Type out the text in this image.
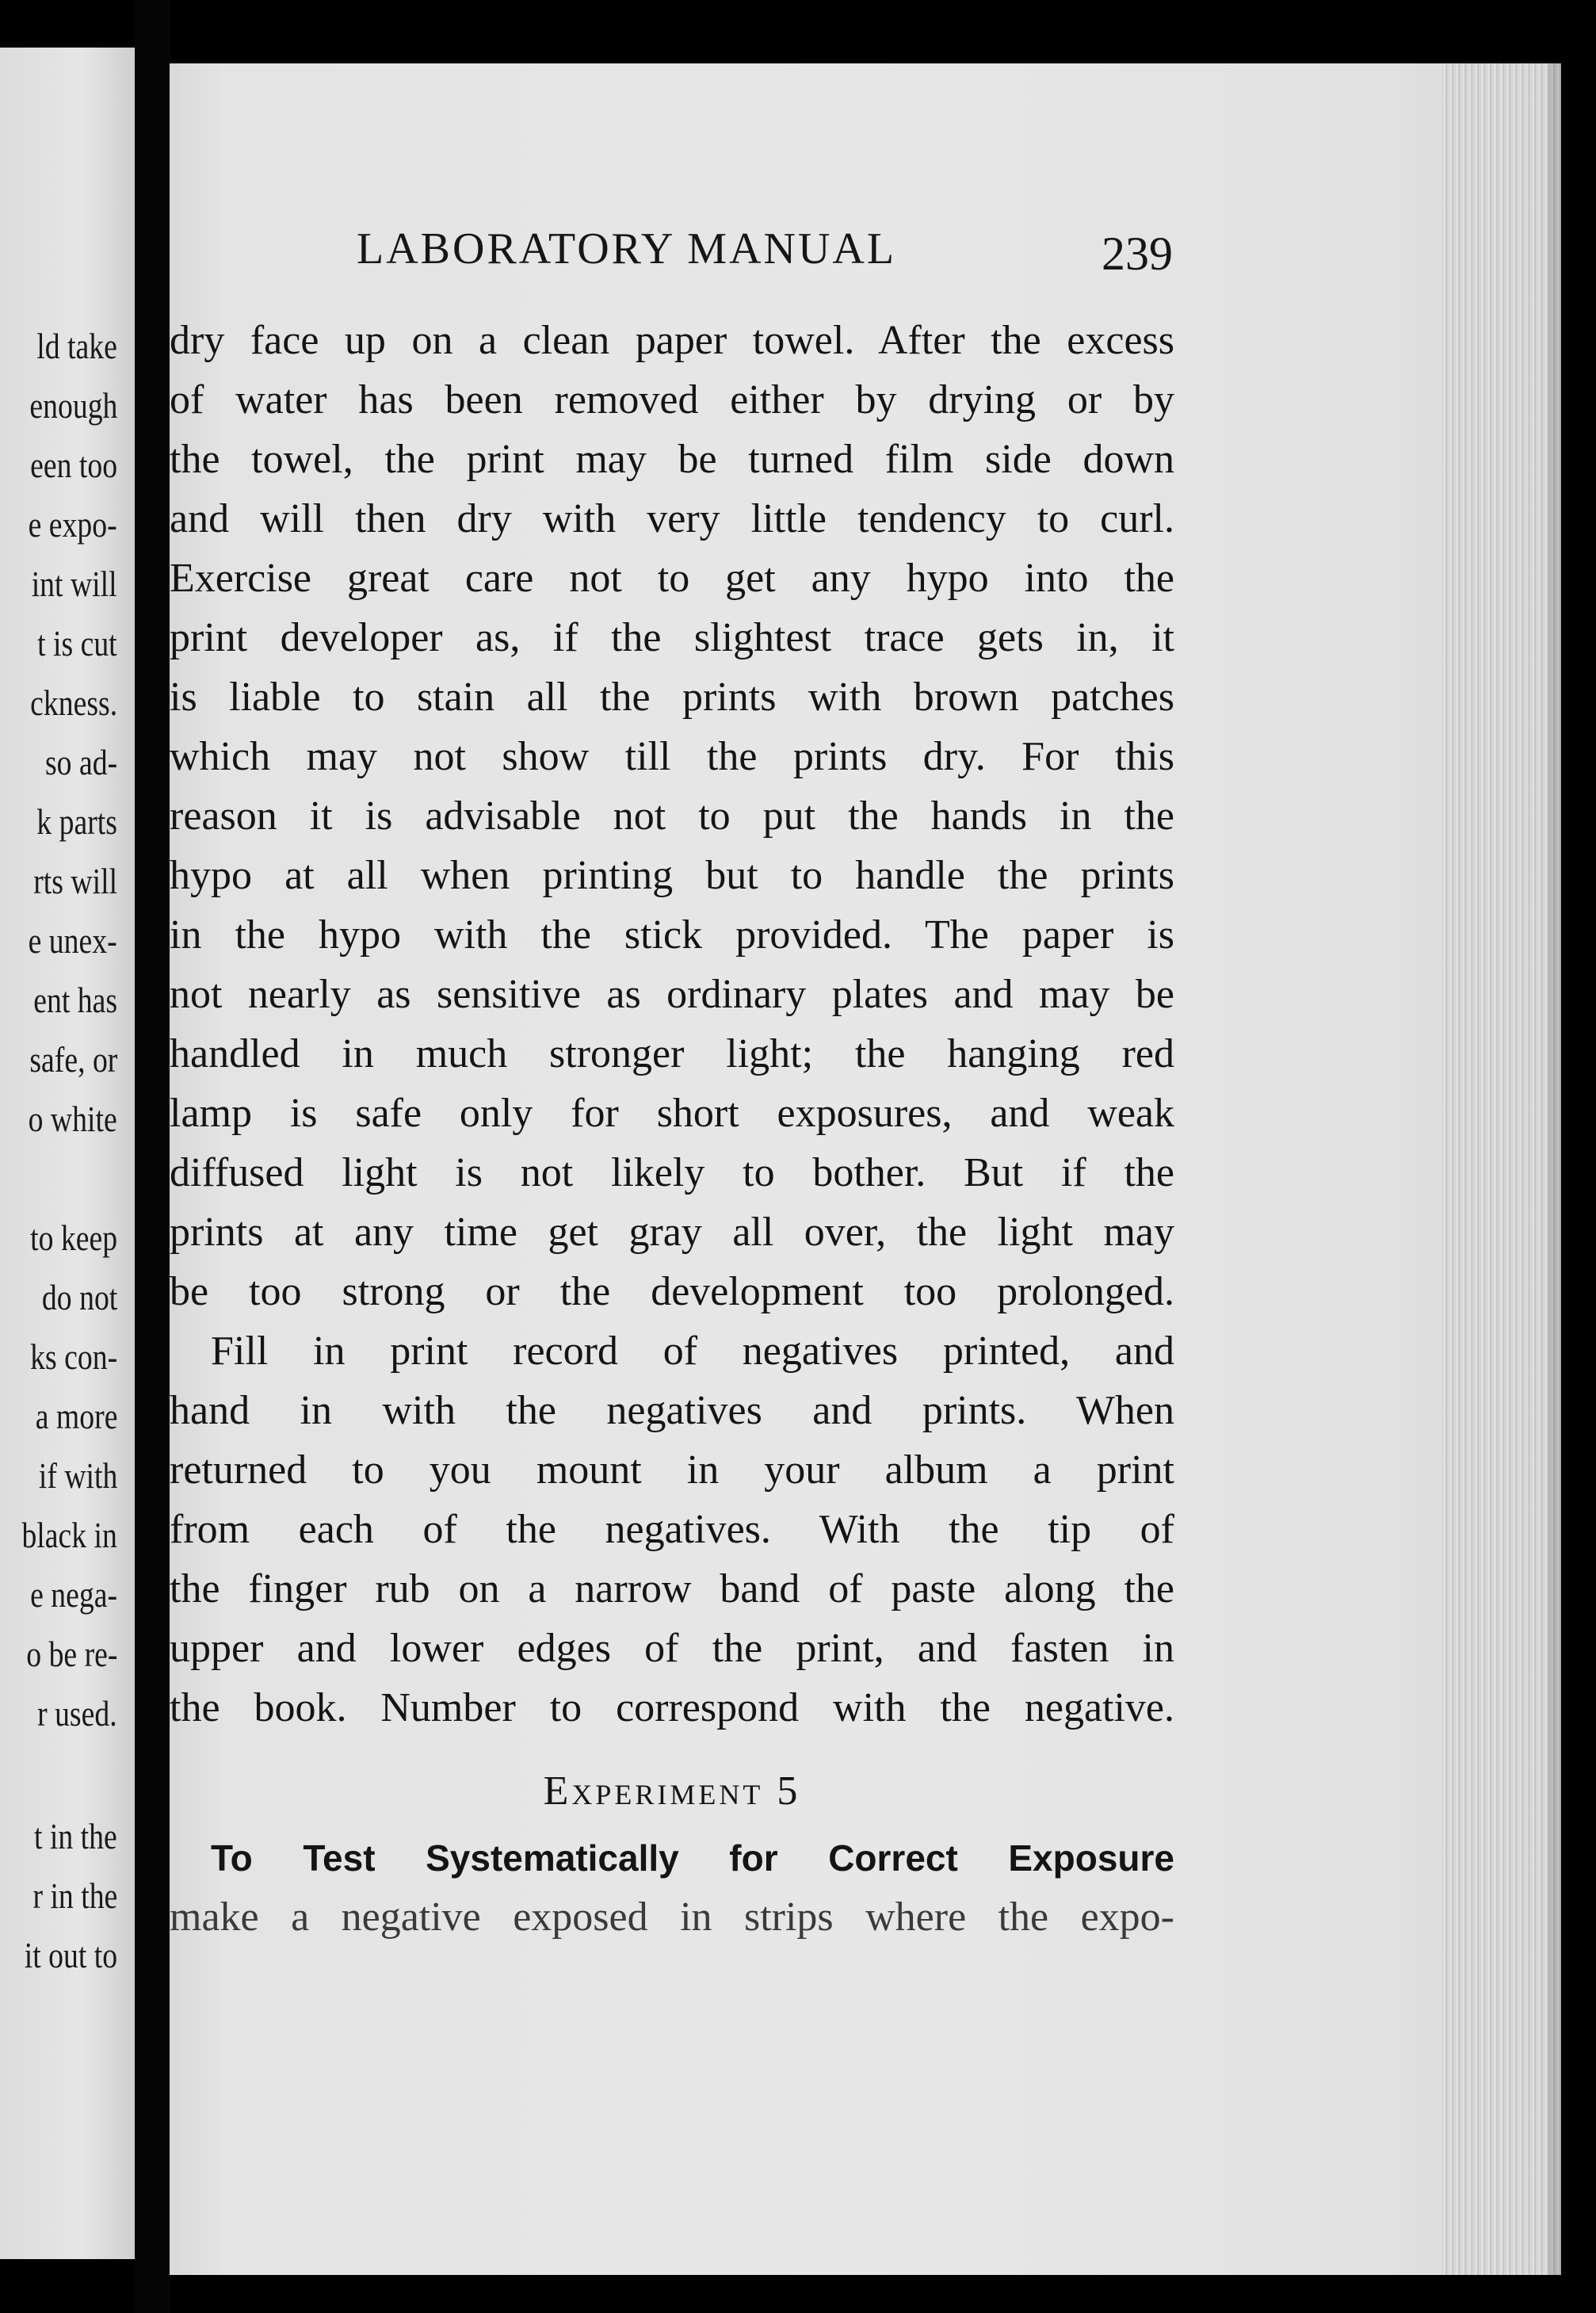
ld take
enough
een too
e expo-
int will
t is cut
ckness.
so ad-
k parts
rts will
e unex-
ent has
safe, or
o white
to keep
do not
ks con-
a more
if with
black in
e nega-
o be re-
r used.
t in the
r in the
it out to
LABORATORY MANUAL	239
dry face up on a clean paper towel. After the excess
of water has been removed either by drying or by
the towel, the print may be turned film side down
and will then dry with very little tendency to curl.
Exercise great care not to get any hypo into the
print developer as, if the slightest trace gets in, it
is liable to stain all the prints with brown patches
which may not show till the prints dry. For this
reason it is advisable not to put the hands in the
hypo at all when printing but to handle the prints
in the hypo with the stick provided. The paper is
not nearly as sensitive as ordinary plates and may be
handled in much stronger light; the hanging red
lamp is safe only for short exposures, and weak
diffused light is not likely to bother. But if the
prints at any time get gray all over, the light may
be too strong or the development too prolonged.
Fill in print record of negatives printed, and
hand in with the negatives and prints. When
returned to you mount in your album a print
from each of the negatives. With the tip of
the finger rub on a narrow band of paste along the
upper and lower edges of the print, and fasten in
the book. Number to correspond with the negative.
Experiment 5
To Test Systematically for Correct Exposure
make a negative exposed in strips where the expo-
